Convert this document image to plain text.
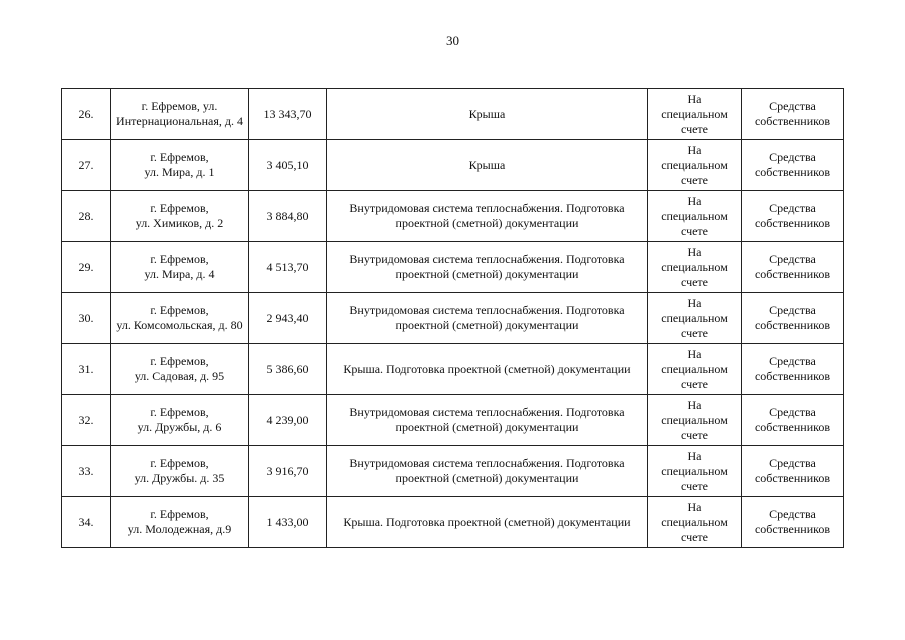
30
26.	г. Ефремов, ул.
Интернациональная, д. 4	13 343,70	Крыша	На
специальном
счете	Средства
собственников

27.	г. Ефремов,
ул. Мира, д. 1	3 405,10	Крыша	На
специальном
счете	Средства
собственников

28.	г. Ефремов,
ул. Химиков, д. 2	3 884,80	Внутридомовая система теплоснабжения. Подготовка
проектной (сметной) документации	На
специальном
счете	Средства
собственников

29.	г. Ефремов,
ул. Мира, д. 4	4 513,70	Внутридомовая система теплоснабжения. Подготовка
проектной (сметной) документации	На
специальном
счете	Средства
собственников

30.	г. Ефремов,
ул. Комсомольская, д. 80	2 943,40	Внутридомовая система теплоснабжения. Подготовка
проектной (сметной) документации	На
специальном
счете	Средства
собственников

31.	г. Ефремов,
ул. Садовая, д. 95	5 386,60	Крыша. Подготовка проектной (сметной) документации	На
специальном
счете	Средства
собственников

32.	г. Ефремов,
ул. Дружбы, д. 6	4 239,00	Внутридомовая система теплоснабжения. Подготовка
проектной (сметной) документации	На
специальном
счете	Средства
собственников

33.	г. Ефремов,
ул. Дружбы. д. 35	3 916,70	Внутридомовая система теплоснабжения. Подготовка
проектной (сметной) документации	На
специальном
счете	Средства
собственников

34.	г. Ефремов,
ул. Молодежная, д.9	1 433,00	Крыша. Подготовка проектной (сметной) документации	На
специальном
счете	Средства
собственников
